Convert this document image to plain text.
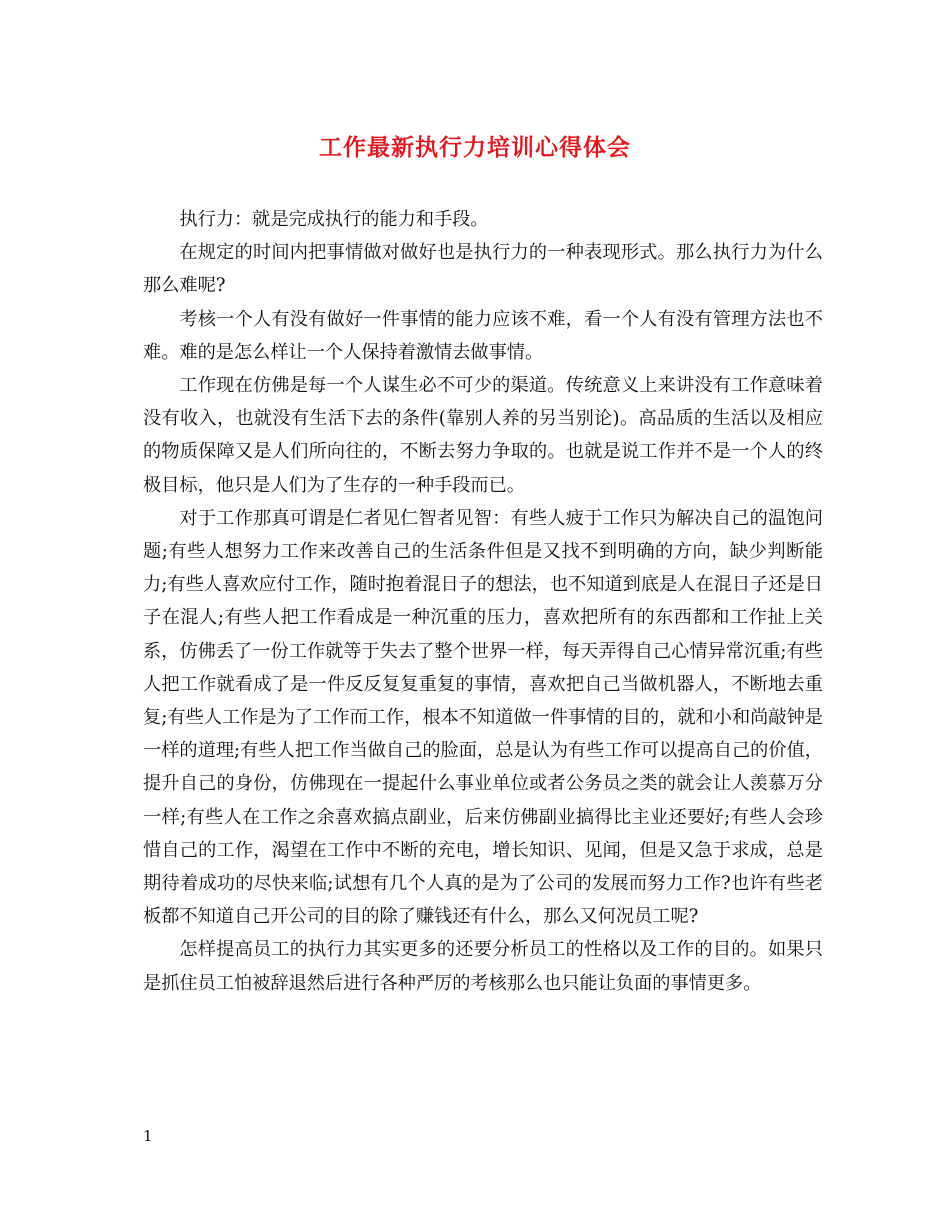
工作最新执行力培训心得体会

执行力：就是完成执行的能力和手段。

在规定的时间内把事情做对做好也是执行力的一种表现形式。那么执行力为什么那么难呢?

考核一个人有没有做好一件事情的能力应该不难，看一个人有没有管理方法也不难。难的是怎么样让一个人保持着激情去做事情。

工作现在仿佛是每一个人谋生必不可少的渠道。传统意义上来讲没有工作意味着没有收入，也就没有生活下去的条件(靠别人养的另当别论)。高品质的生活以及相应的物质保障又是人们所向往的，不断去努力争取的。也就是说工作并不是一个人的终极目标，他只是人们为了生存的一种手段而已。

对于工作那真可谓是仁者见仁智者见智：有些人疲于工作只为解决自己的温饱问题;有些人想努力工作来改善自己的生活条件但是又找不到明确的方向，缺少判断能力;有些人喜欢应付工作，随时抱着混日子的想法，也不知道到底是人在混日子还是日子在混人;有些人把工作看成是一种沉重的压力，喜欢把所有的东西都和工作扯上关系，仿佛丢了一份工作就等于失去了整个世界一样，每天弄得自己心情异常沉重;有些人把工作就看成了是一件反反复复重复的事情，喜欢把自己当做机器人，不断地去重复;有些人工作是为了工作而工作，根本不知道做一件事情的目的，就和小和尚敲钟是一样的道理;有些人把工作当做自己的脸面，总是认为有些工作可以提高自己的价值，提升自己的身份，仿佛现在一提起什么事业单位或者公务员之类的就会让人羡慕万分一样;有些人在工作之余喜欢搞点副业，后来仿佛副业搞得比主业还要好;有些人会珍惜自己的工作，渴望在工作中不断的充电，增长知识、见闻，但是又急于求成，总是期待着成功的尽快来临;试想有几个人真的是为了公司的发展而努力工作?也许有些老板都不知道自己开公司的目的除了赚钱还有什么，那么又何况员工呢?

怎样提高员工的执行力其实更多的还要分析员工的性格以及工作的目的。如果只是抓住员工怕被辞退然后进行各种严厉的考核那么也只能让负面的事情更多。

1
